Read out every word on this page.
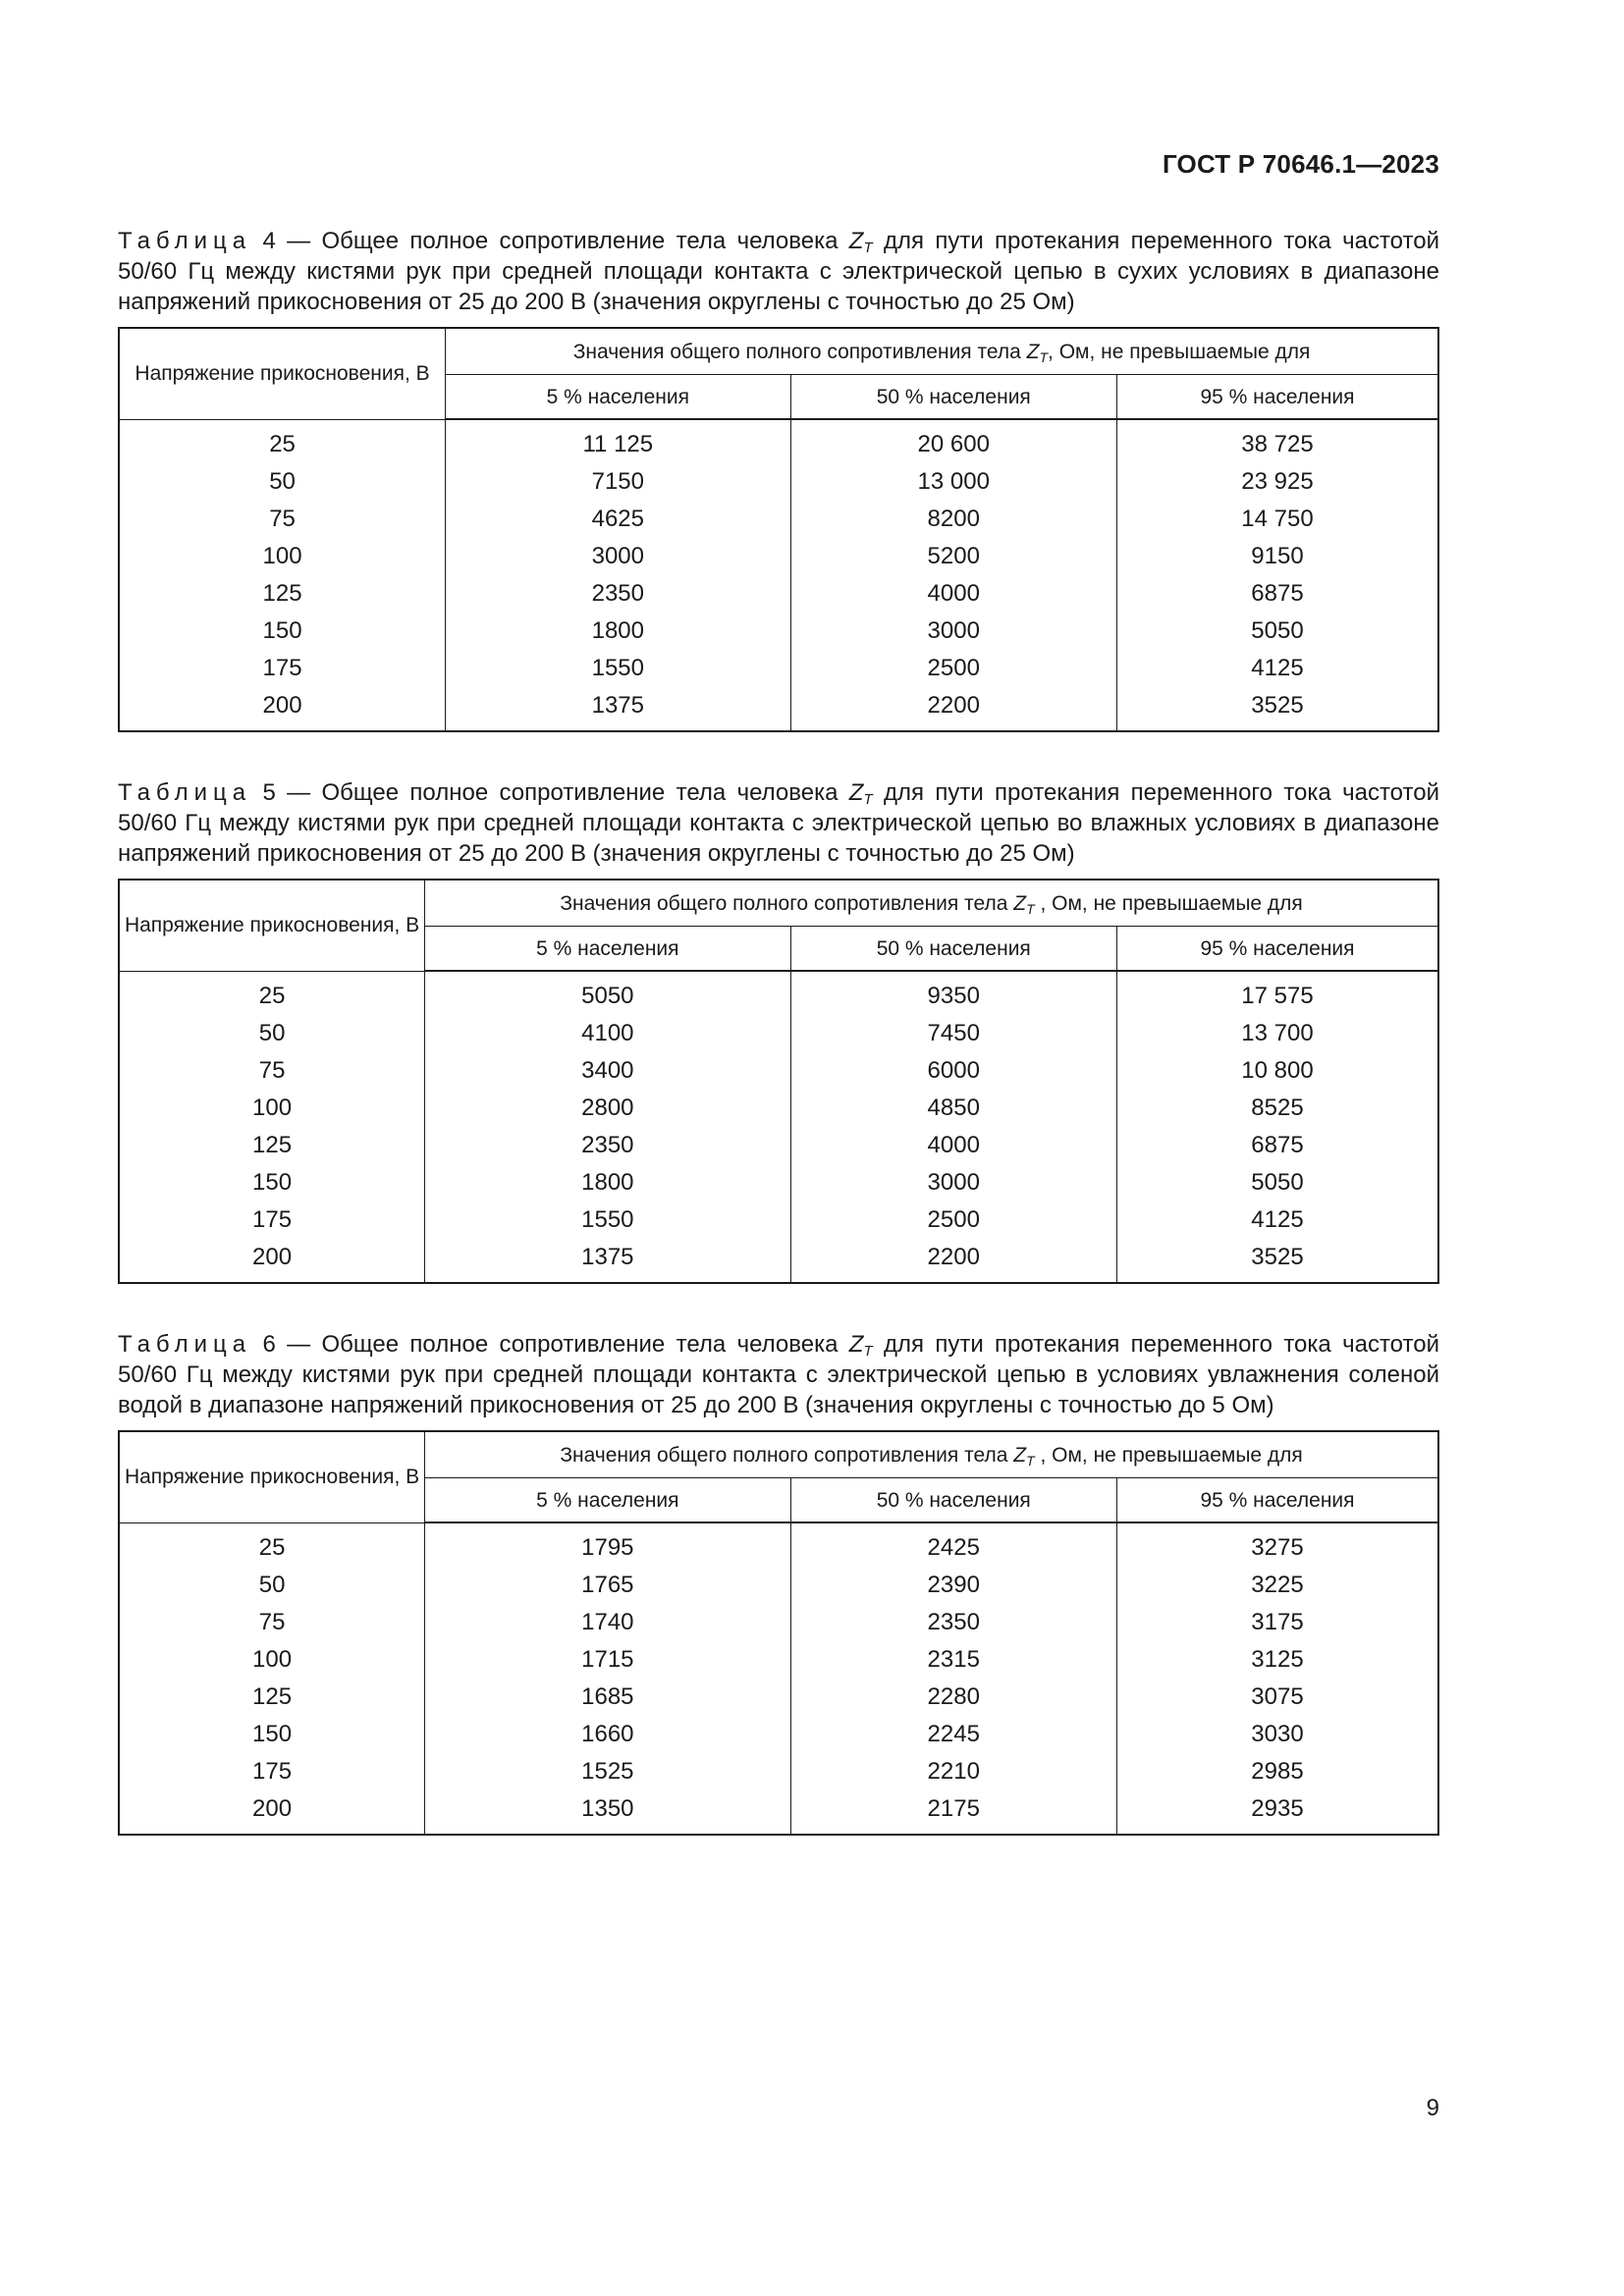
ГОСТ Р 70646.1—2023

Таблица 4 — Общее полное сопротивление тела человека $Z_T$ для пути протекания переменного тока частотой 50/60 Гц между кистями рук при средней площади контакта с электрической цепью в сухих условиях в диапазоне напряжений прикосновения от 25 до 200 В (значения округлены с точностью до 25 Ом)

Напряжение прикосновения, В	Значения общего полного сопротивления тела $Z_T$, Ом, не превышаемые для		
	5 % населения	50 % населения	95 % населения
25	11 125	20 600	38 725
50	7150	13 000	23 925
75	4625	8200	14 750
100	3000	5200	9150
125	2350	4000	6875
150	1800	3000	5050
175	1550	2500	4125
200	1375	2200	3525

Таблица 5 — Общее полное сопротивление тела человека $Z_T$ для пути протекания переменного тока частотой 50/60 Гц между кистями рук при средней площади контакта с электрической цепью во влажных условиях в диапазоне напряжений прикосновения от 25 до 200 В (значения округлены с точностью до 25 Ом)

Напряжение прикосновения, В	Значения общего полного сопротивления тела $Z_T$ , Ом, не превышаемые для		
	5 % населения	50 % населения	95 % населения
25	5050	9350	17 575
50	4100	7450	13 700
75	3400	6000	10 800
100	2800	4850	8525
125	2350	4000	6875
150	1800	3000	5050
175	1550	2500	4125
200	1375	2200	3525

Таблица 6 — Общее полное сопротивление тела человека $Z_T$ для пути протекания переменного тока частотой 50/60 Гц между кистями рук при средней площади контакта с электрической цепью в условиях увлажнения соленой водой в диапазоне напряжений прикосновения от 25 до 200 В (значения округлены с точностью до 5 Ом)

Напряжение прикосновения, В	Значения общего полного сопротивления тела $Z_T$ , Ом, не превышаемые для		
	5 % населения	50 % населения	95 % населения
25	1795	2425	3275
50	1765	2390	3225
75	1740	2350	3175
100	1715	2315	3125
125	1685	2280	3075
150	1660	2245	3030
175	1525	2210	2985
200	1350	2175	2935
9
